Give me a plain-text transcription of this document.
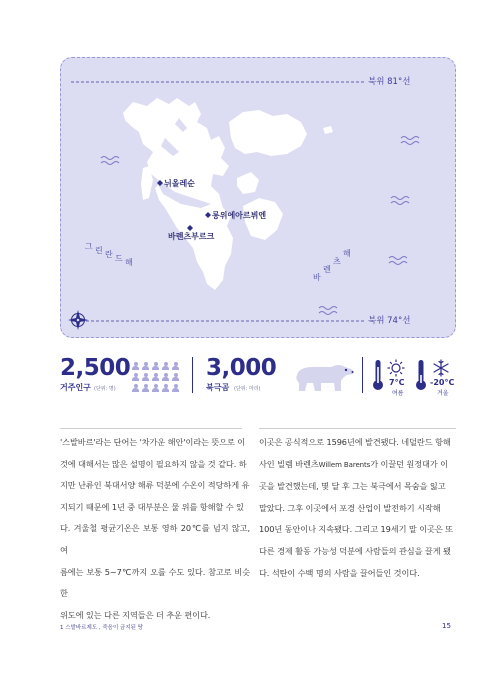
북위 81°선
북위 74°선
뉘올레순
롱위에아르뷔엔
바렌츠부르크
그 린 란 드 해
바
렌
츠
해
2,500
거주인구 (단위: 명)
3,000
북극곰 (단위: 마리)
7°C
여름
-20°C
겨울
'스발바르'라는 단어는 '차가운 해안'이라는 뜻으로 이
것에 대해서는 많은 설명이 필요하지 않을 것 같다. 하
지만 난류인 북대서양 해류 덕분에 수온이 적당하게 유
지되기 때문에 1년 중 대부분은 물 위를 항해할 수 있
다. 겨울철 평균기온은 보통 영하 20℃를 넘지 않고, 여
름에는 보통 5~7℃까지 오를 수도 있다. 참고로 비슷한
위도에 있는 다른 지역들은 더 추운 편이다.
이곳은 공식적으로 1596년에 발견됐다. 네덜란드 항해
사인 빌렘 바렌츠Willem Barents가 이끌던 원정대가 이
곳을 발견했는데, 몇 달 후 그는 북극에서 목숨을 잃고
말았다. 그후 이곳에서 포경 산업이 발전하기 시작해
100년 동안이나 지속됐다. 그리고 19세기 말 이곳은 또
다른 경제 활동 가능성 덕분에 사람들의 관심을 끌게 됐
다. 석탄이 수백 명의 사람을 끌어들인 것이다.
1 스발바르제도 , 죽음이 금지된 땅	15
